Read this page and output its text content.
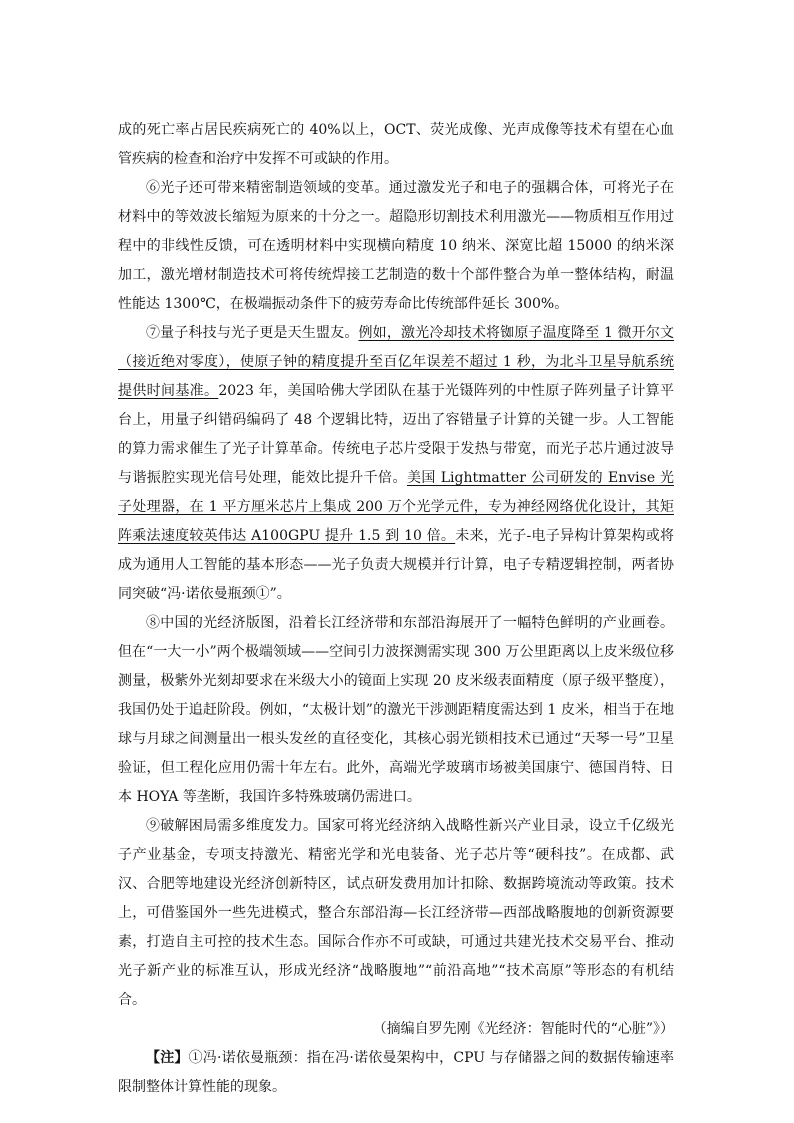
成的死亡率占居民疾病死亡的 40%以上，OCT、荧光成像、光声成像等技术有望在心血管疾病的检查和治疗中发挥不可或缺的作用。

⑥光子还可带来精密制造领域的变革。通过激发光子和电子的强耦合体，可将光子在材料中的等效波长缩短为原来的十分之一。超隐形切割技术利用激光——物质相互作用过程中的非线性反馈，可在透明材料中实现横向精度 10 纳米、深宽比超 15000 的纳米深加工，激光增材制造技术可将传统焊接工艺制造的数十个部件整合为单一整体结构，耐温性能达 1300℃，在极端振动条件下的疲劳寿命比传统部件延长 300%。

⑦量子科技与光子更是天生盟友。例如，激光冷却技术将铷原子温度降至 1 微开尔文（接近绝对零度），使原子钟的精度提升至百亿年误差不超过 1 秒，为北斗卫星导航系统提供时间基准。2023 年，美国哈佛大学团队在基于光镊阵列的中性原子阵列量子计算平台上，用量子纠错码编码了 48 个逻辑比特，迈出了容错量子计算的关键一步。人工智能的算力需求催生了光子计算革命。传统电子芯片受限于发热与带宽，而光子芯片通过波导与谐振腔实现光信号处理，能效比提升千倍。美国 Lightmatter 公司研发的 Envise 光子处理器，在 1 平方厘米芯片上集成 200 万个光学元件，专为神经网络优化设计，其矩阵乘法速度较英伟达 A100GPU 提升 1.5 到 10 倍。未来，光子-电子异构计算架构或将成为通用人工智能的基本形态——光子负责大规模并行计算，电子专精逻辑控制，两者协同突破“冯·诺依曼瓶颈①”。

⑧中国的光经济版图，沿着长江经济带和东部沿海展开了一幅特色鲜明的产业画卷。但在“一大一小”两个极端领域——空间引力波探测需实现 300 万公里距离以上皮米级位移测量，极紫外光刻却要求在米级大小的镜面上实现 20 皮米级表面精度（原子级平整度），我国仍处于追赶阶段。例如，“太极计划”的激光干涉测距精度需达到 1 皮米，相当于在地球与月球之间测量出一根头发丝的直径变化，其核心弱光锁相技术已通过“天琴一号”卫星验证，但工程化应用仍需十年左右。此外，高端光学玻璃市场被美国康宁、德国肖特、日本 HOYA 等垄断，我国许多特殊玻璃仍需进口。

⑨破解困局需多维度发力。国家可将光经济纳入战略性新兴产业目录，设立千亿级光子产业基金，专项支持激光、精密光学和光电装备、光子芯片等“硬科技”。在成都、武汉、合肥等地建设光经济创新特区，试点研发费用加计扣除、数据跨境流动等政策。技术上，可借鉴国外一些先进模式，整合东部沿海—长江经济带—西部战略腹地的创新资源要素，打造自主可控的技术生态。国际合作亦不可或缺，可通过共建光技术交易平台、推动光子新产业的标准互认，形成光经济“战略腹地”“前沿高地”“技术高原”等形态的有机结合。

（摘编自罗先刚《光经济：智能时代的“心脏”》）

【注】①冯·诺依曼瓶颈：指在冯·诺依曼架构中，CPU 与存储器之间的数据传输速率限制整体计算性能的现象。
